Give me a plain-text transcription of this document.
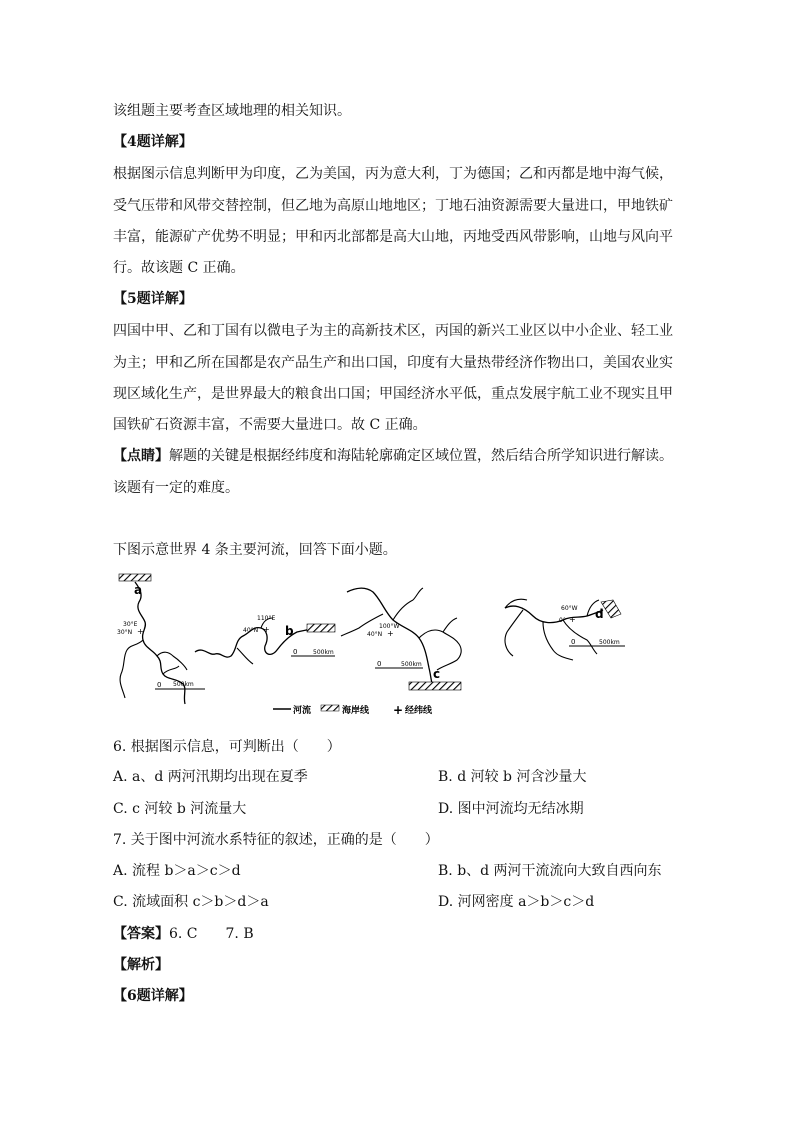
该组题主要考查区域地理的相关知识。
【4题详解】
根据图示信息判断甲为印度，乙为美国，丙为意大利，丁为德国；乙和丙都是地中海气候，
受气压带和风带交替控制，但乙地为高原山地地区；丁地石油资源需要大量进口，甲地铁矿
丰富，能源矿产优势不明显；甲和丙北部都是高大山地，丙地受西风带影响，山地与风向平
行。故该题 C 正确。
【5题详解】
四国中甲、乙和丁国有以微电子为主的高新技术区，丙国的新兴工业区以中小企业、轻工业
为主；甲和乙所在国都是农产品生产和出口国，印度有大量热带经济作物出口，美国农业实
现区域化生产，是世界最大的粮食出口国；甲国经济水平低，重点发展宇航工业不现实且甲
国铁矿石资源丰富，不需要大量进口。故 C 正确。
【点睛】解题的关键是根据经纬度和海陆轮廓确定区域位置，然后结合所学知识进行解读。
该题有一定的难度。
下图示意世界 4 条主要河流，回答下面小题。
a
30°E
30°N +
0 500km
110°E
40°N + b
0	500km
100°W
40°N +
0	500km
c
60°W
0° + d
0	500km
河流	海岸线 + 经纬线
6. 根据图示信息，可判断出（　　）
A. a、d 两河汛期均出现在夏季	B. d 河较 b 河含沙量大
C. c 河较 b 河流量大	D. 图中河流均无结冰期
7. 关于图中河流水系特征的叙述，正确的是（　　）
A. 流程 b＞a＞c＞d	B. b、d 两河干流流向大致自西向东
C. 流域面积 c＞b＞d＞a	D. 河网密度 a＞b＞c＞d
【答案】6. C　　7. B
【解析】
【6题详解】
